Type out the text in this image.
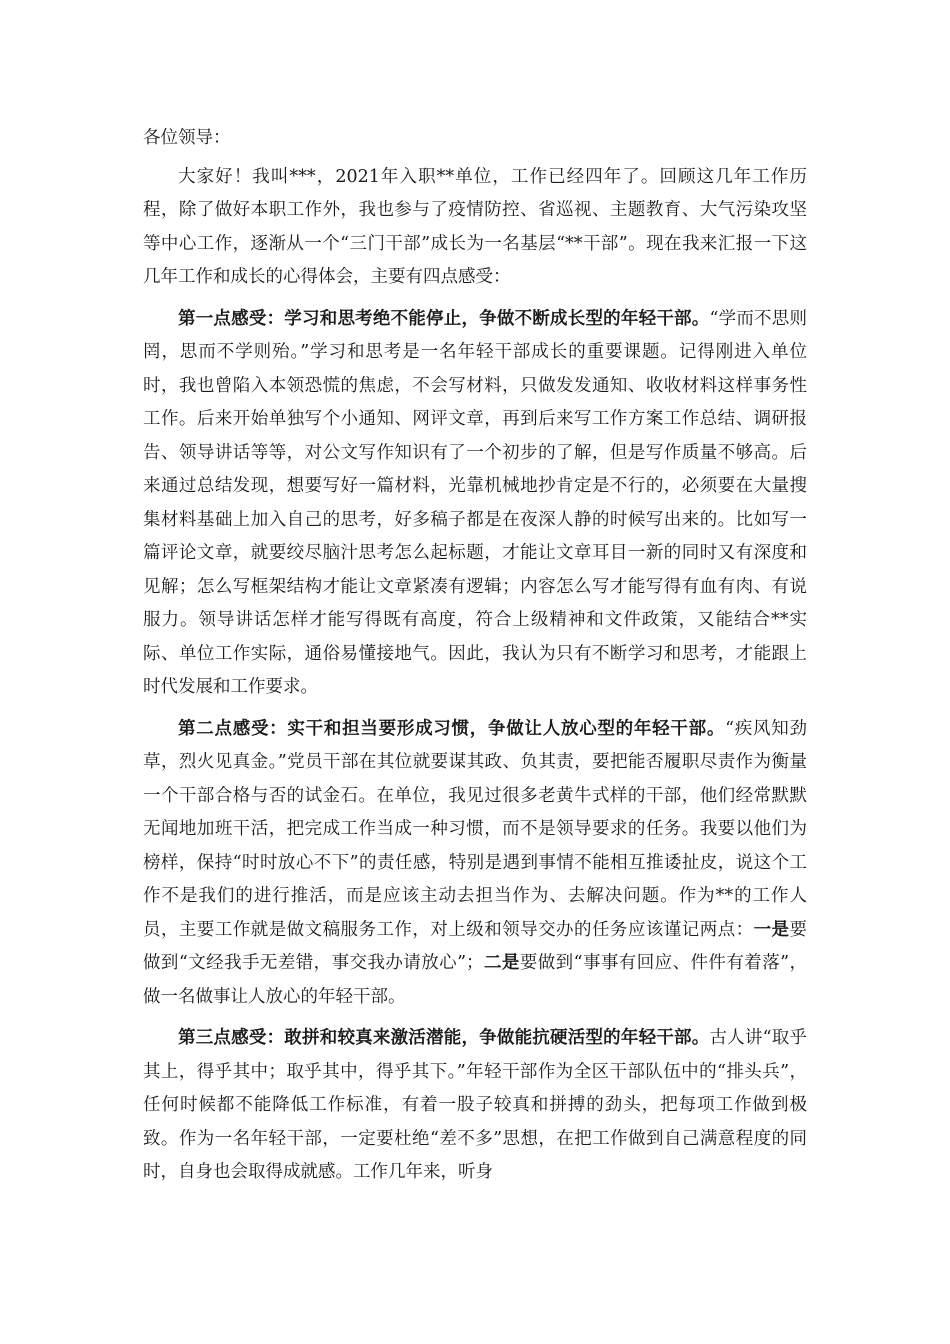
各位领导：

大家好！我叫***，2021年入职**单位，工作已经四年了。回顾这几年工作历程，除了做好本职工作外，我也参与了疫情防控、省巡视、主题教育、大气污染攻坚等中心工作，逐渐从一个“三门干部”成长为一名基层“**干部”。现在我来汇报一下这几年工作和成长的心得体会，主要有四点感受：

第一点感受：学习和思考绝不能停止，争做不断成长型的年轻干部。“学而不思则罔，思而不学则殆。”学习和思考是一名年轻干部成长的重要课题。记得刚进入单位时，我也曾陷入本领恐慌的焦虑，不会写材料，只做发发通知、收收材料这样事务性工作。后来开始单独写个小通知、网评文章，再到后来写工作方案工作总结、调研报告、领导讲话等等，对公文写作知识有了一个初步的了解，但是写作质量不够高。后来通过总结发现，想要写好一篇材料，光靠机械地抄肯定是不行的，必须要在大量搜集材料基础上加入自己的思考，好多稿子都是在夜深人静的时候写出来的。比如写一篇评论文章，就要绞尽脑汁思考怎么起标题，才能让文章耳目一新的同时又有深度和见解；怎么写框架结构才能让文章紧凑有逻辑；内容怎么写才能写得有血有肉、有说服力。领导讲话怎样才能写得既有高度，符合上级精神和文件政策，又能结合**实际、单位工作实际，通俗易懂接地气。因此，我认为只有不断学习和思考，才能跟上时代发展和工作要求。

第二点感受：实干和担当要形成习惯，争做让人放心型的年轻干部。“疾风知劲草，烈火见真金。”党员干部在其位就要谋其政、负其责，要把能否履职尽责作为衡量一个干部合格与否的试金石。在单位，我见过很多老黄牛式样的干部，他们经常默默无闻地加班干活，把完成工作当成一种习惯，而不是领导要求的任务。我要以他们为榜样，保持“时时放心不下”的责任感，特别是遇到事情不能相互推诿扯皮，说这个工作不是我们的进行推活，而是应该主动去担当作为、去解决问题。作为**的工作人员，主要工作就是做文稿服务工作，对上级和领导交办的任务应该谨记两点：一是要做到“文经我手无差错，事交我办请放心”；二是要做到“事事有回应、件件有着落”，做一名做事让人放心的年轻干部。

第三点感受：敢拼和较真来激活潜能，争做能抗硬活型的年轻干部。古人讲“取乎其上，得乎其中；取乎其中，得乎其下。”年轻干部作为全区干部队伍中的“排头兵”，任何时候都不能降低工作标准，有着一股子较真和拼搏的劲头，把每项工作做到极致。作为一名年轻干部，一定要杜绝“差不多”思想，在把工作做到自己满意程度的同时，自身也会取得成就感。工作几年来，听身
